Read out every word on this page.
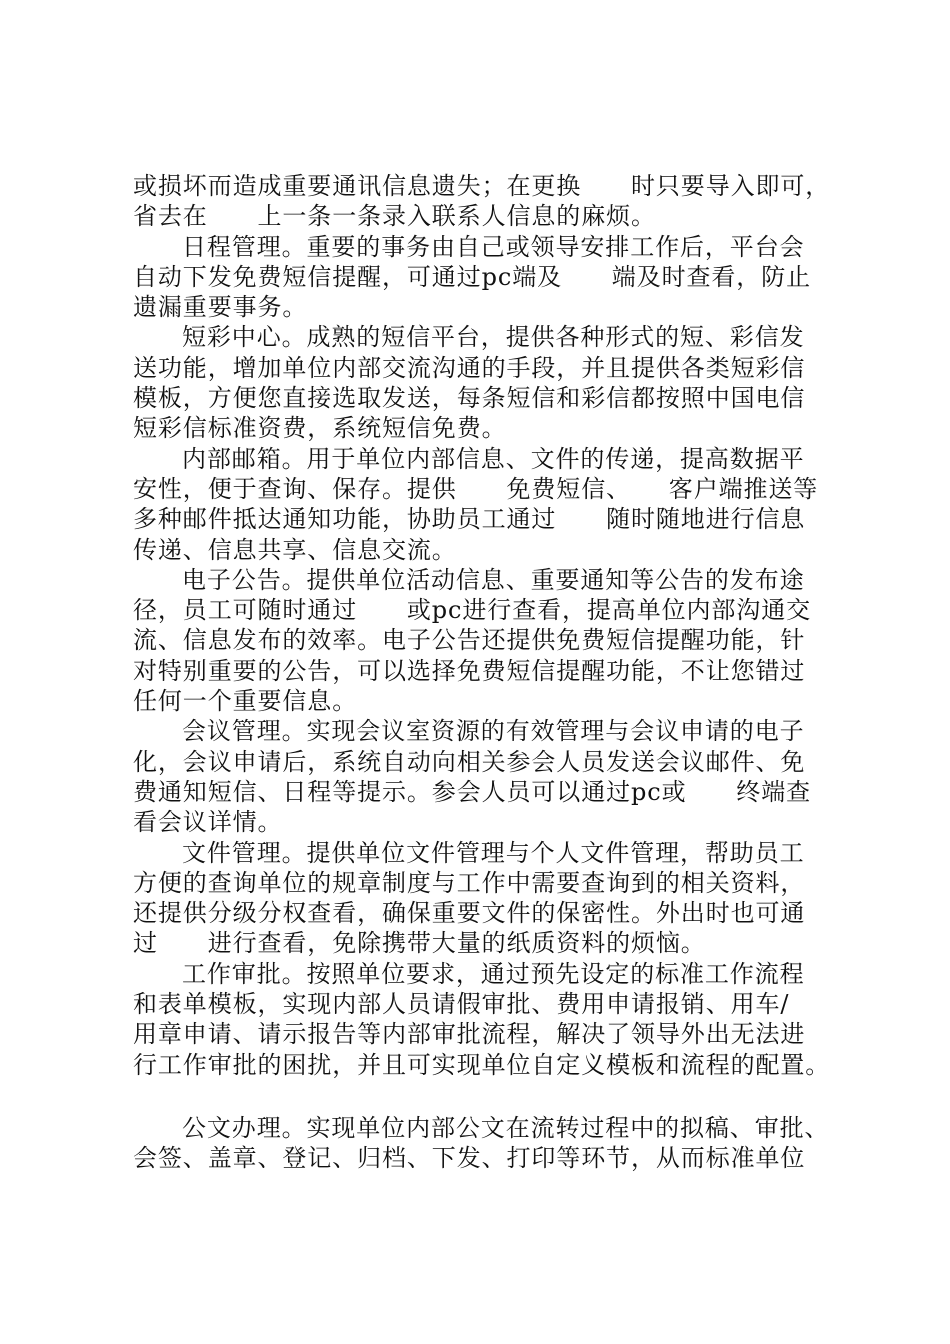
或损坏而造成重要通讯信息遗失；在更换　　时只要导入即可，
省去在　　上一条一条录入联系人信息的麻烦。
日程管理。重要的事务由自己或领导安排工作后，平台会
自动下发免费短信提醒，可通过pc端及　　端及时查看，防止
遗漏重要事务。
短彩中心。成熟的短信平台，提供各种形式的短、彩信发
送功能，增加单位内部交流沟通的手段，并且提供各类短彩信
模板，方便您直接选取发送，每条短信和彩信都按照中国电信
短彩信标准资费，系统短信免费。
内部邮箱。用于单位内部信息、文件的传递，提高数据平
安性，便于查询、保存。提供　　免费短信、　　客户端推送等
多种邮件抵达通知功能，协助员工通过　　随时随地进行信息
传递、信息共享、信息交流。
电子公告。提供单位活动信息、重要通知等公告的发布途
径，员工可随时通过　　或pc进行查看，提高单位内部沟通交
流、信息发布的效率。电子公告还提供免费短信提醒功能，针
对特别重要的公告，可以选择免费短信提醒功能，不让您错过
任何一个重要信息。
会议管理。实现会议室资源的有效管理与会议申请的电子
化，会议申请后，系统自动向相关参会人员发送会议邮件、免
费通知短信、日程等提示。参会人员可以通过pc或　　终端查
看会议详情。
文件管理。提供单位文件管理与个人文件管理，帮助员工
方便的查询单位的规章制度与工作中需要查询到的相关资料，
还提供分级分权查看，确保重要文件的保密性。外出时也可通
过　　进行查看，免除携带大量的纸质资料的烦恼。
工作审批。按照单位要求，通过预先设定的标准工作流程
和表单模板，实现内部人员请假审批、费用申请报销、用车/
用章申请、请示报告等内部审批流程，解决了领导外出无法进
行工作审批的困扰，并且可实现单位自定义模板和流程的配置。
公文办理。实现单位内部公文在流转过程中的拟稿、审批、
会签、盖章、登记、归档、下发、打印等环节，从而标准单位
